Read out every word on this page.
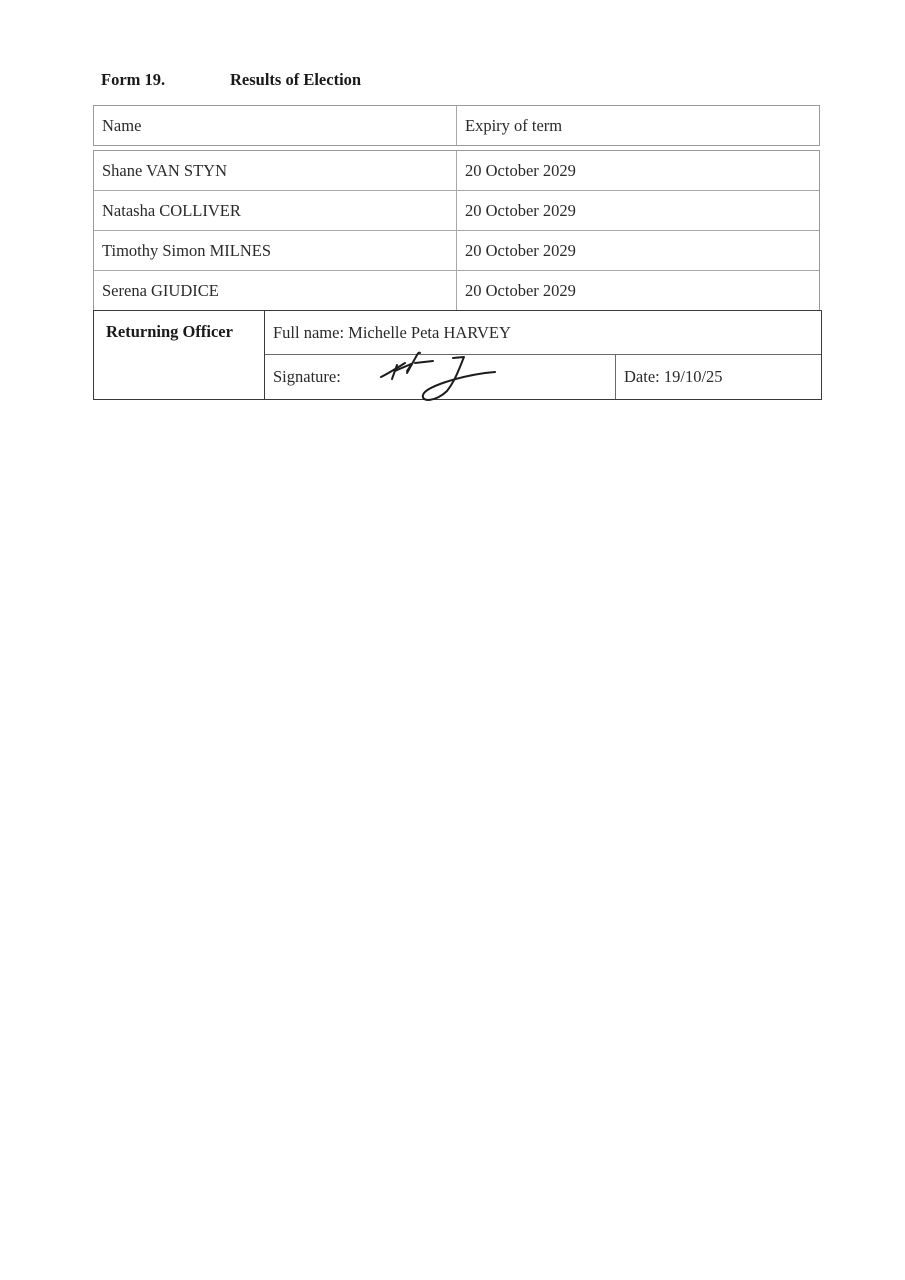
Form 19.	Results of Election
Name	Expiry of term
Shane VAN STYN	20 October 2029
Natasha COLLIVER	20 October 2029
Timothy Simon MILNES	20 October 2029
Serena GIUDICE	20 October 2029
Returning Officer	Full name: Michelle Peta HARVEY
Signature:	Date: 19/10/25
